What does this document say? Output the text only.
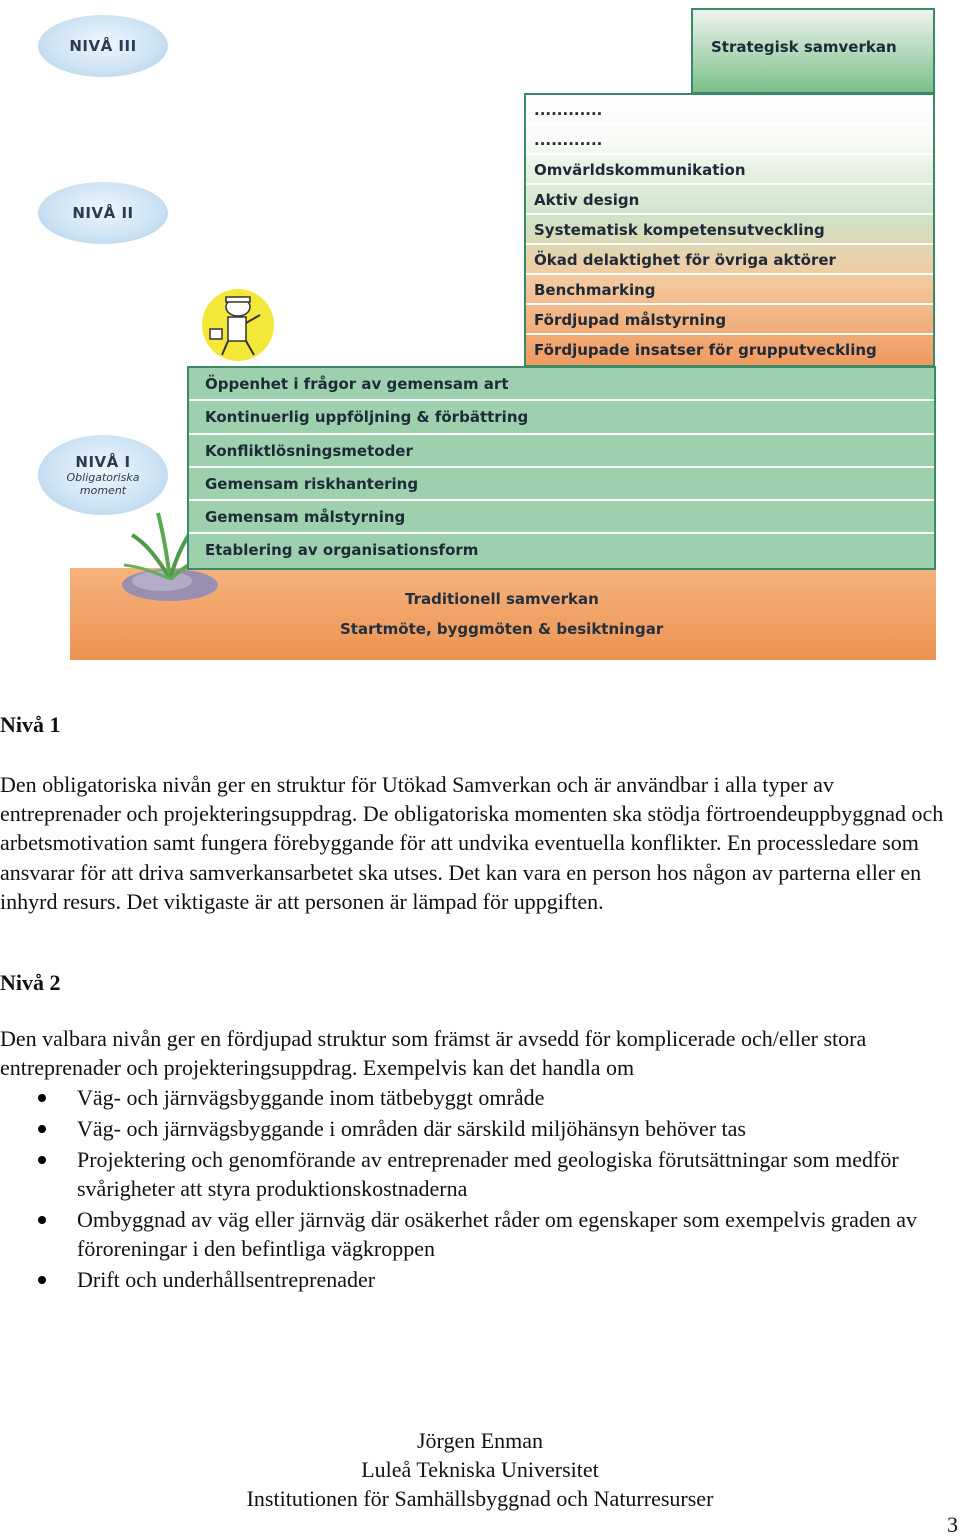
Traditionell samverkan
Startmöte, byggmöten & besiktningar
NIVÅ III
NIVÅ II
NIVÅ I
Obligatoriska moment
Strategisk samverkan
............
............
Omvärldskommunikation
Aktiv design
Systematisk kompetensutveckling
Ökad delaktighet för övriga aktörer
Benchmarking
Fördjupad målstyrning
Fördjupade insatser för grupputveckling
Öppenhet i frågor av gemensam art
Kontinuerlig uppföljning & förbättring
Konfliktlösningsmetoder
Gemensam riskhantering
Gemensam målstyrning
Etablering av organisationsform
Nivå 1

Den obligatoriska nivån ger en struktur för Utökad Samverkan och är användbar i alla typer av entreprenader och projekteringsuppdrag. De obligatoriska momenten ska stödja förtroendeuppbyggnad och arbetsmotivation samt fungera förebyggande för att undvika eventuella konflikter. En processledare som ansvarar för att driva samverkansarbetet ska utses. Det kan vara en person hos någon av parterna eller en inhyrd resurs. Det viktigaste är att personen är lämpad för uppgiften.

Nivå 2

Den valbara nivån ger en fördjupad struktur som främst är avsedd för komplicerade och/eller stora entreprenader och projekteringsuppdrag. Exempelvis kan det handla om

Väg- och järnvägsbyggande inom tätbebyggt område
Väg- och järnvägsbyggande i områden där särskild miljöhänsyn behöver tas
Projektering och genomförande av entreprenader med geologiska förutsättningar som medför svårigheter att styra produktionskostnaderna
Ombyggnad av väg eller järnväg där osäkerhet råder om egenskaper som exempelvis graden av föroreningar i den befintliga vägkroppen
Drift och underhållsentreprenader
Jörgen Enman
Luleå Tekniska Universitet
Institutionen för Samhällsbyggnad och Naturresurser
3
